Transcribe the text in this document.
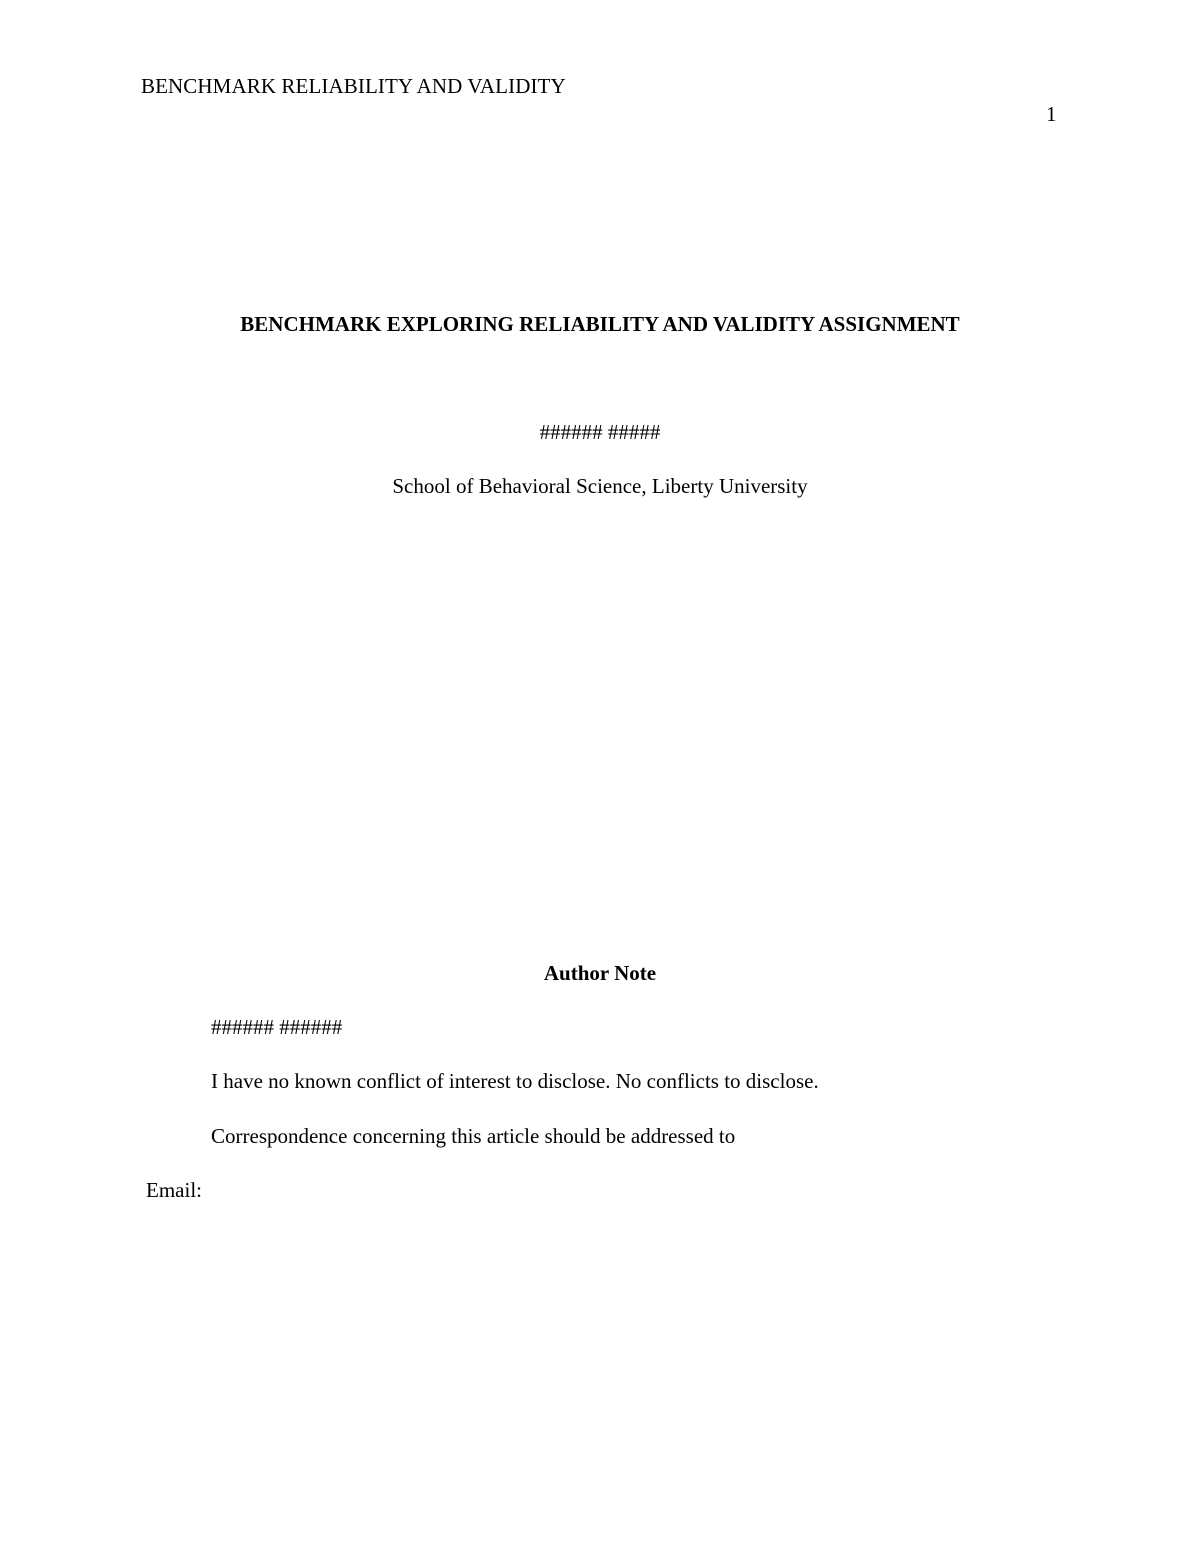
BENCHMARK RELIABILITY AND VALIDITY
1
BENCHMARK EXPLORING RELIABILITY AND VALIDITY ASSIGNMENT
###### #####
School of Behavioral Science, Liberty University
Author Note
###### ######
I have no known conflict of interest to disclose. No conflicts to disclose.
Correspondence concerning this article should be addressed to
Email:
